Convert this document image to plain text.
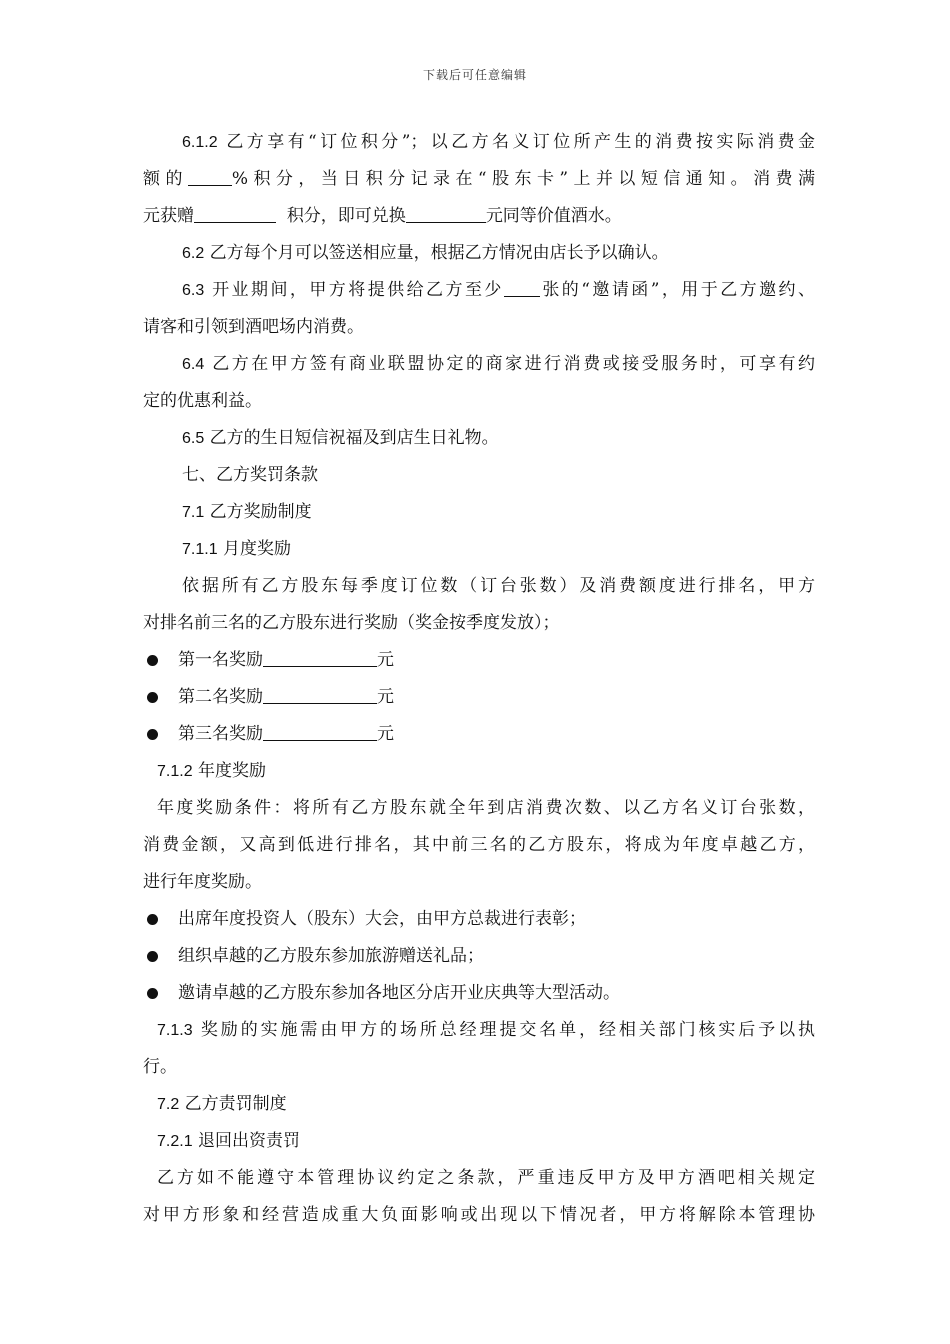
下载后可任意编辑
6.1.2 乙方享有“订位积分”；以乙方名义订位所产生的消费按实际消费金
额的	%积分，当日积分记录在“股东卡”上并以短信通知。消费满
元获赠	积分，即可兑换	元同等价值酒水。
6.2 乙方每个月可以签送相应量，根据乙方情况由店长予以确认。
6.3 开业期间，甲方将提供给乙方至少 张的“邀请函”，用于乙方邀约、
请客和引领到酒吧场内消费。
6.4 乙方在甲方签有商业联盟协定的商家进行消费或接受服务时，可享有约
定的优惠利益。
6.5 乙方的生日短信祝福及到店生日礼物。
七、乙方奖罚条款
7.1 乙方奖励制度
7.1.1 月度奖励
依据所有乙方股东每季度订位数（订台张数）及消费额度进行排名，甲方
对排名前三名的乙方股东进行奖励（奖金按季度发放）；
第一名奖励	元
第二名奖励	元
第三名奖励	元
7.1.2 年度奖励
年度奖励条件：将所有乙方股东就全年到店消费次数、以乙方名义订台张数，
消费金额，又高到低进行排名，其中前三名的乙方股东，将成为年度卓越乙方，
进行年度奖励。
出席年度投资人（股东）大会，由甲方总裁进行表彰；
组织卓越的乙方股东参加旅游赠送礼品；
邀请卓越的乙方股东参加各地区分店开业庆典等大型活动。
7.1.3 奖励的实施需由甲方的场所总经理提交名单，经相关部门核实后予以执
行。
7.2 乙方责罚制度
7.2.1 退回出资责罚
乙方如不能遵守本管理协议约定之条款，严重违反甲方及甲方酒吧相关规定
对甲方形象和经营造成重大负面影响或出现以下情况者，甲方将解除本管理协
